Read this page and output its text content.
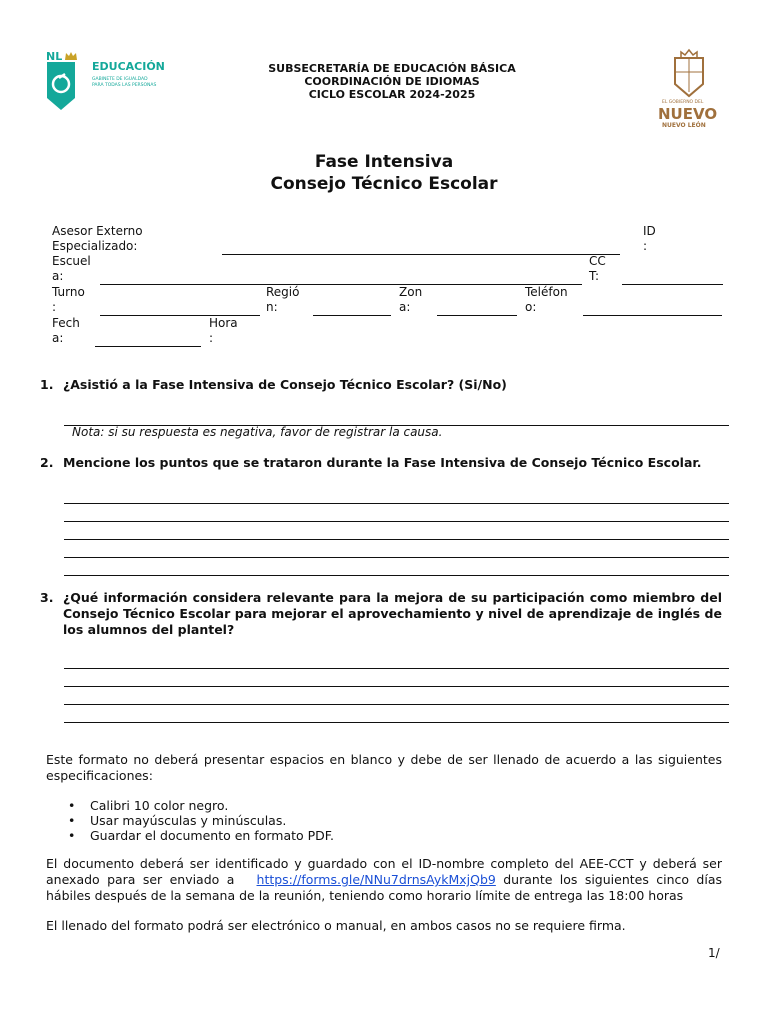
NL
EDUCACIÓN
GABINETE DE IGUALDAD
PARA TODAS LAS PERSONAS
SUBSECRETARÍA DE EDUCACIÓN BÁSICA
COORDINACIÓN DE IDIOMAS
CICLO ESCOLAR 2024-2025
EL GOBIERNO DEL
NUEVO
NUEVO LEÓN
Fase Intensiva
Consejo Técnico Escolar
Asesor Externo
Especializado:
ID
:
Escuel
a:
CC
T:
Turno
:
Regió
n:
Zon
a:
Teléfon
o:
Fech
a:
Hora
:
1. ¿Asistió a la Fase Intensiva de Consejo Técnico Escolar? (Si/No)
Nota: si su respuesta es negativa, favor de registrar la causa.
2. Mencione los puntos que se trataron durante la Fase Intensiva de Consejo Técnico Escolar.
3. ¿Qué información considera relevante para la mejora de su participación como miembro del Consejo Técnico Escolar para mejorar el aprovechamiento y nivel de aprendizaje de inglés de los alumnos del plantel?
Este formato no deberá presentar espacios en blanco y debe de ser llenado de acuerdo a las siguientes especificaciones:
• Calibri 10 color negro.
• Usar mayúsculas y minúsculas.
• Guardar el documento en formato PDF.
El documento deberá ser identificado y guardado con el ID-nombre completo del AEE-CCT y deberá ser anexado para ser enviado a https://forms.gle/NNu7drnsAykMxjQb9 durante los siguientes cinco días hábiles después de la semana de la reunión, teniendo como horario límite de entrega las 18:00 horas
El llenado del formato podrá ser electrónico o manual, en ambos casos no se requiere firma.
1/
